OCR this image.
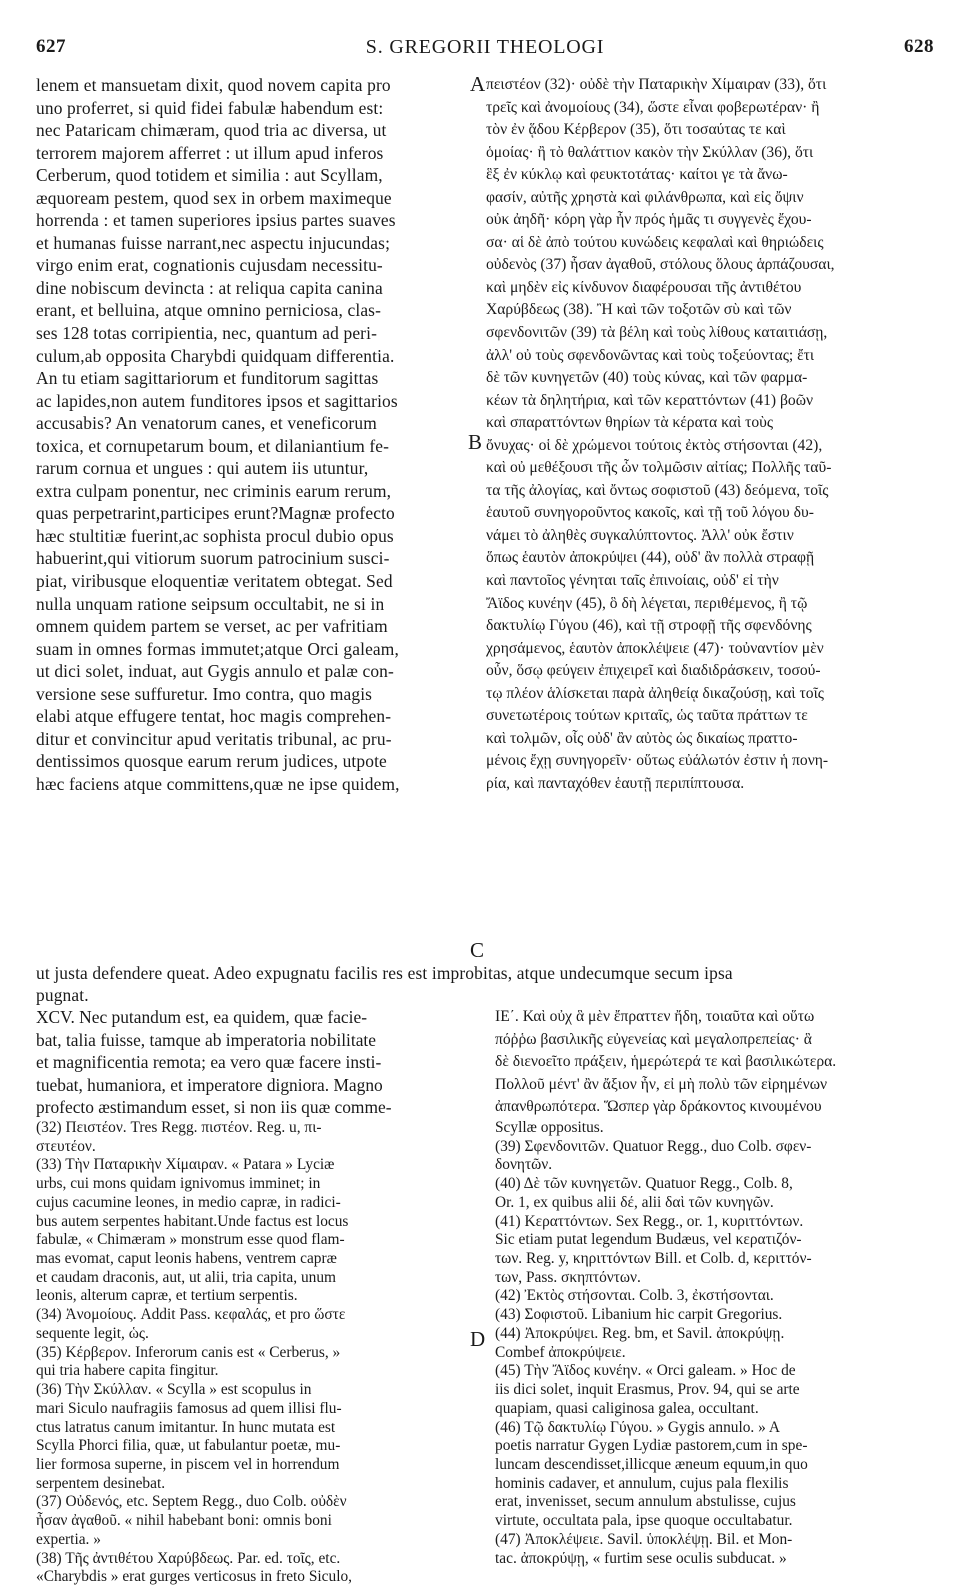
627	S. GREGORII THEOLOGI	628
A
B
C
D
lenem et mansuetam dixit, quod novem capita pro
uno proferret, si quid fidei fabulæ habendum est:
nec Pataricam chimæram, quod tria ac diversa, ut
terrorem majorem afferret : ut illum apud inferos
Cerberum, quod totidem et similia : aut Scyllam,
æquoream pestem, quod sex in orbem maximeque
horrenda : et tamen superiores ipsius partes suaves
et humanas fuisse narrant,nec aspectu injucundas;
virgo enim erat, cognationis cujusdam necessitu-
dine nobiscum devincta : at reliqua capita canina
erant, et belluina, atque omnino perniciosa, clas-
ses 128 totas corripientia, nec, quantum ad peri-
culum,ab opposita Charybdi quidquam differentia.
An tu etiam sagittariorum et funditorum sagittas
ac lapides,non autem funditores ipsos et sagittarios
accusabis? An venatorum canes, et veneficorum
toxica, et cornupetarum boum, et dilaniantium fe-
rarum cornua et ungues : qui autem iis utuntur,
extra culpam ponentur, nec criminis earum rerum,
quas perpetrarint,participes erunt?Magnæ profecto
hæc stultitiæ fuerint,ac sophista procul dubio opus
habuerint,qui vitiorum suorum patrocinium susci-
piat, viribusque eloquentiæ veritatem obtegat. Sed
nulla unquam ratione seipsum occultabit, ne si in
omnem quidem partem se verset, ac per vafritiam
suam in omnes formas immutet;atque Orci galeam,
ut dici solet, induat, aut Gygis annulo et palæ con-
versione sese suffuretur. Imo contra, quo magis
elabi atque effugere tentat, hoc magis comprehen-
ditur et convincitur apud veritatis tribunal, ac pru-
dentissimos quosque earum rerum judices, utpote
hæc faciens atque committens,quæ ne ipse quidem,
πειστέον (32)· οὐδὲ τὴν Παταρικὴν Χίμαιραν (33), ὅτι
τρεῖς καὶ ἀνομοίους (34), ὥστε εἶναι φοβερωτέραν· ἢ
τὸν ἐν ᾅδου Κέρβερον (35), ὅτι τοσαύτας τε καὶ
ὁμοίας· ἢ τὸ θαλάττιον κακὸν τὴν Σκύλλαν (36), ὅτι
ἓξ ἐν κύκλῳ καὶ φευκτοτάτας· καίτοι γε τὰ ἄνω-
φασίν, αὐτῆς χρηστὰ καὶ φιλάνθρωπα, καὶ εἰς ὄψιν
οὐκ ἀηδῆ· κόρη γὰρ ἦν πρός ἡμᾶς τι συγγενὲς ἔχου-
σα· αἱ δὲ ἀπὸ τούτου κυνώδεις κεφαλαὶ καὶ θηριώδεις
οὐδενὸς (37) ἦσαν ἀγαθοῦ, στόλους ὅλους ἁρπάζουσαι,
καὶ μηδὲν εἰς κίνδυνον διαφέρουσαι τῆς ἀντιθέτου
Χαρύβδεως (38). Ἢ καὶ τῶν τοξοτῶν σὺ καὶ τῶν
σφενδονιτῶν (39) τὰ βέλη καὶ τοὺς λίθους καταιτιάσῃ,
ἀλλ' οὐ τοὺς σφενδονῶντας καὶ τοὺς τοξεύοντας; ἔτι
δὲ τῶν κυνηγετῶν (40) τοὺς κύνας, καὶ τῶν φαρμα-
κέων τὰ δηλητήρια, καὶ τῶν κεραττόντων (41) βοῶν
καὶ σπαραττόντων θηρίων τὰ κέρατα καὶ τοὺς
ὄνυχας· οἱ δὲ χρώμενοι τούτοις ἐκτὸς στήσονται (42),
καὶ οὐ μεθέξουσι τῆς ὧν τολμῶσιν αἰτίας; Πολλῆς ταῦ-
τα τῆς ἀλογίας, καὶ ὄντως σοφιστοῦ (43) δεόμενα, τοῖς
ἑαυτοῦ συνηγοροῦντος κακοῖς, καὶ τῇ τοῦ λόγου δυ-
νάμει τὸ ἀληθὲς συγκαλύπτοντος. Ἀλλ' οὐκ ἔστιν
ὅπως ἑαυτὸν ἀποκρύψει (44), οὐδ' ἂν πολλὰ στραφῇ
καὶ παντοῖος γένηται ταῖς ἐπινοίαις, οὐδ' εἰ τὴν
Ἄϊδος κυνέην (45), ὃ δὴ λέγεται, περιθέμενος, ἢ τῷ
δακτυλίῳ Γύγου (46), καὶ τῇ στροφῇ τῆς σφενδόνης
χρησάμενος, ἑαυτὸν ἀποκλέψειε (47)· τοὐναντίον μὲν
οὖν, ὅσῳ φεύγειν ἐπιχειρεῖ καὶ διαδιδράσκειν, τοσού-
τῳ πλέον ἁλίσκεται παρὰ ἀληθείᾳ δικαζούσῃ, καὶ τοῖς
συνετωτέροις τούτων κριταῖς, ὡς ταῦτα πράττων τε
καὶ τολμῶν, οἷς οὐδ' ἂν αὐτὸς ὡς δικαίως πραττο-
μένοις ἔχῃ συνηγορεῖν· οὕτως εὐάλωτόν ἐστιν ἡ πονη-
ρία, καὶ πανταχόθεν ἑαυτῇ περιπίπτουσα.
ut justa defendere queat. Adeo expugnatu facilis res est improbitas, atque undecumque secum ipsa
pugnat.
XCV. Nec putandum est, ea quidem, quæ facie-
bat, talia fuisse, tamque ab imperatoria nobilitate
et magnificentia remota; ea vero quæ facere insti-
tuebat, humaniora, et imperatore digniora. Magno
profecto æstimandum esset, si non iis quæ comme-
ΙΕ΄. Καὶ οὐχ ἃ μὲν ἔπραττεν ἤδη, τοιαῦτα καὶ οὕτω
πόῤῥω βασιλικῆς εὐγενείας καὶ μεγαλοπρεπείας· ἃ
δὲ διενοεῖτο πράξειν, ἡμερώτερά τε καὶ βασιλικώτερα.
Πολλοῦ μέντ' ἂν ἄξιον ἦν, εἰ μὴ πολὺ τῶν εἰρημένων
ἀπανθρωπότερα. Ὥσπερ γὰρ δράκοντος κινουμένου
(32) Πειστέον. Tres Regg. πιστέον. Reg. u, πι-
στευτέον.
(33) Τὴν Παταρικὴν Χίμαιραν. « Patara » Lyciæ
urbs, cui mons quidam ignivomus imminet; in
cujus cacumine leones, in medio capræ, in radici-
bus autem serpentes habitant.Unde factus est locus
fabulæ, « Chimæram » monstrum esse quod flam-
mas evomat, caput leonis habens, ventrem capræ
et caudam draconis, aut, ut alii, tria capita, unum
leonis, alterum capræ, et tertium serpentis.
(34) Ἀνομοίους. Addit Pass. κεφαλάς, et pro ὥστε
sequente legit, ὡς.
(35) Κέρβερον. Inferorum canis est « Cerberus, »
qui tria habere capita fingitur.
(36) Τὴν Σκύλλαν. « Scylla » est scopulus in
mari Siculo naufragiis famosus ad quem illisi flu-
ctus latratus canum imitantur. In hunc mutata est
Scylla Phorci filia, quæ, ut fabulantur poetæ, mu-
lier formosa superne, in piscem vel in horrendum
serpentem desinebat.
(37) Οὐδενός, etc. Septem Regg., duo Colb. οὐδὲν
ἦσαν ἀγαθοῦ. « nihil habebant boni: omnis boni
expertia. »
(38) Τῆς ἀντιθέτου Χαρύβδεως. Par. ed. τοῖς, etc.
«Charybdis » erat gurges verticosus in freto Siculo,
Scyllæ oppositus.
(39) Σφενδονιτῶν. Quatuor Regg., duo Colb. σφεν-
δονητῶν.
(40) Δὲ τῶν κυνηγετῶν. Quatuor Regg., Colb. 8,
Or. 1, ex quibus alii δέ, alii δαὶ τῶν κυνηγῶν.
(41) Κεραττόντων. Sex Regg., or. 1, κυριττόντων.
Sic etiam putat legendum Budæus, vel κερατιζόν-
των. Reg. y, κηριττόντων Bill. et Colb. d, κεριττόν-
των, Pass. σκηπτόντων.
(42) Ἐκτὸς στήσονται. Colb. 3, ἐκστήσονται.
(43) Σοφιστοῦ. Libanium hic carpit Gregorius.
(44) Ἀποκρύψει. Reg. bm, et Savil. ἀποκρύψῃ.
Combef ἀποκρύψειε.
(45) Τὴν Ἄϊδος κυνέην. « Orci galeam. » Hoc de
iis dici solet, inquit Erasmus, Prov. 94, qui se arte
quapiam, quasi caliginosa galea, occultant.
(46) Τῷ δακτυλίῳ Γύγου. » Gygis annulo. » A
poetis narratur Gygen Lydiæ pastorem,cum in spe-
luncam descendisset,illicque æneum equum,in quo
hominis cadaver, et annulum, cujus pala flexilis
erat, invenisset, secum annulum abstulisse, cujus
virtute, occultata pala, ipse quoque occultabatur.
(47) Ἀποκλέψειε. Savil. ὑποκλέψῃ. Bil. et Mon-
tac. ἀποκρύψῃ, « furtim sese oculis subducat. »
